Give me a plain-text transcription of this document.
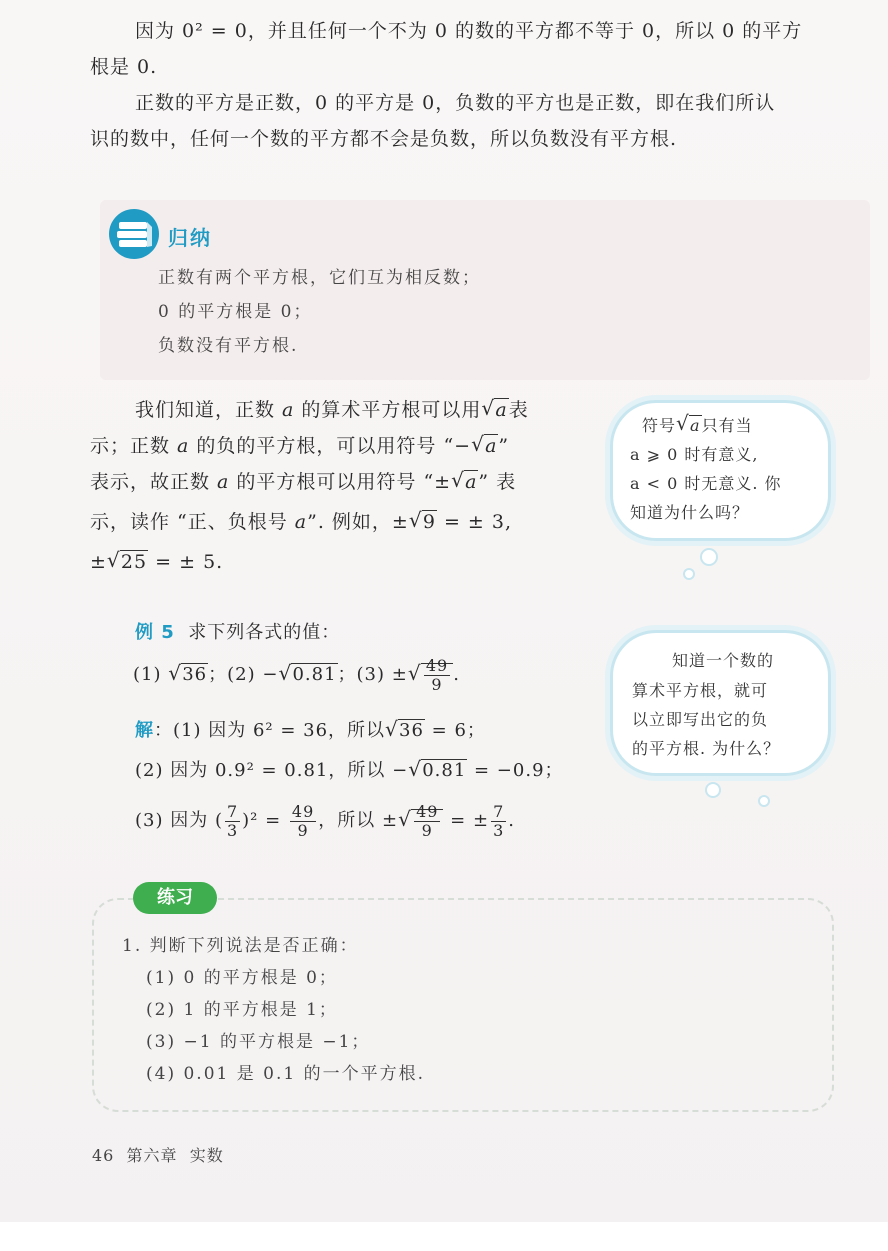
因为 0² = 0，并且任何一个不为 0 的数的平方都不等于 0，所以 0 的平方
根是 0.
正数的平方是正数，0 的平方是 0，负数的平方也是正数，即在我们所认
识的数中，任何一个数的平方都不会是负数，所以负数没有平方根.
归纳
正数有两个平方根，它们互为相反数；
0 的平方根是 0；
负数没有平方根.
我们知道，正数 a 的算术平方根可以用 √ a表
示；正数 a 的负的平方根，可以用符号 “− √ a”
表示，故正数 a 的平方根可以用符号 “± √ a” 表
示，读作 “正、负根号 a”. 例如，± √ 9 = ± 3,
± √ 25 = ± 5.
符号 √ a只有当
a ⩾ 0 时有意义,
a < 0 时无意义. 你
知道为什么吗？
例 5 求下列各式的值：
(1) √ 36；(2) − √ 0.81；(3) ± √ $\frac{49}{9}$ .
解：(1) 因为 6² = 36，所以 √ 36 = 6；
(2) 因为 0.9² = 0.81，所以 − √ 0.81 = −0.9；
(3) 因为 ( $\frac{7}{3} )^2 = \frac{49}{9}$ ，所以 ± √ $\frac{49}{9}$ = ± $\frac{7}{3}$ .
知道一个数的
算术平方根，就可
以立即写出它的负
的平方根. 为什么？
练习
1. 判断下列说法是否正确：
(1) 0 的平方根是 0；
(2) 1 的平方根是 1；
(3) −1 的平方根是 −1；
(4) 0.01 是 0.1 的一个平方根.
46 第六章 实数
